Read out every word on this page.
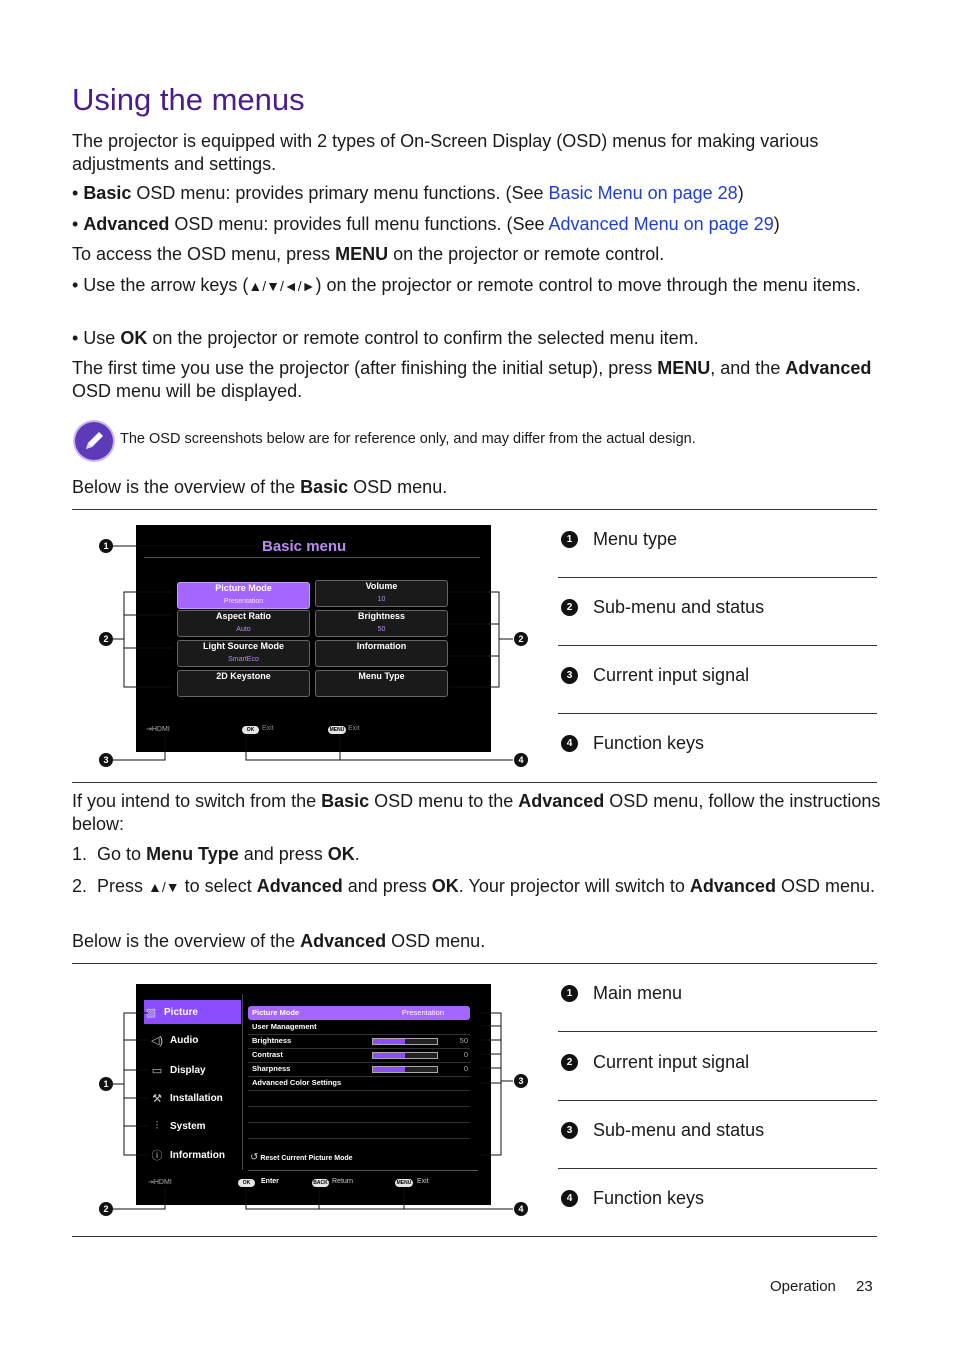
Using the menus
The projector is equipped with 2 types of On-Screen Display (OSD) menus for making various adjustments and settings.
• Basic OSD menu: provides primary menu functions. (See Basic Menu on page 28)
• Advanced OSD menu: provides full menu functions. (See Advanced Menu on page 29)
To access the OSD menu, press MENU on the projector or remote control.
• Use the arrow keys (▲/▼/◄/►) on the projector or remote control to move through the menu items.
• Use OK on the projector or remote control to confirm the selected menu item.
The first time you use the projector (after finishing the initial setup), press MENU, and the Advanced OSD menu will be displayed.
The OSD screenshots below are for reference only, and may differ from the actual design.
Below is the overview of the Basic OSD menu.
Basic menu
Picture Mode
Presentation
Volume
10
Aspect Ratio
Auto
Brightness
50
Light Source Mode
SmartEco
Information
2D Keystone	Menu Type
⇥HDMI	OK	Exit	MENU Exit
1
2	2
3	4
1	Menu type
2	Sub-menu and status
3	Current input signal
4	Function keys
If you intend to switch from the Basic OSD menu to the Advanced OSD menu, follow the instructions below:
1. Go to Menu Type and press OK.
2. Press ▲/▼ to select Advanced and press OK. Your projector will switch to Advanced OSD menu.
Below is the overview of the Advanced OSD menu.
▨ Picture
◁) Audio
▭ Display
⚒ Installation
⫶	System
ⓘ Information
Picture Mode	Presentation
User Management
Brightness	50
Contrast	0
Sharpness	0
Advanced Color Settings
↺ Reset Current Picture Mode
⇥HDMI	OK	Enter	BACK Return	MENU Exit
1	3
2	4
1	Main menu
2	Current input signal
3	Sub-menu and status
4	Function keys
Operation 23
